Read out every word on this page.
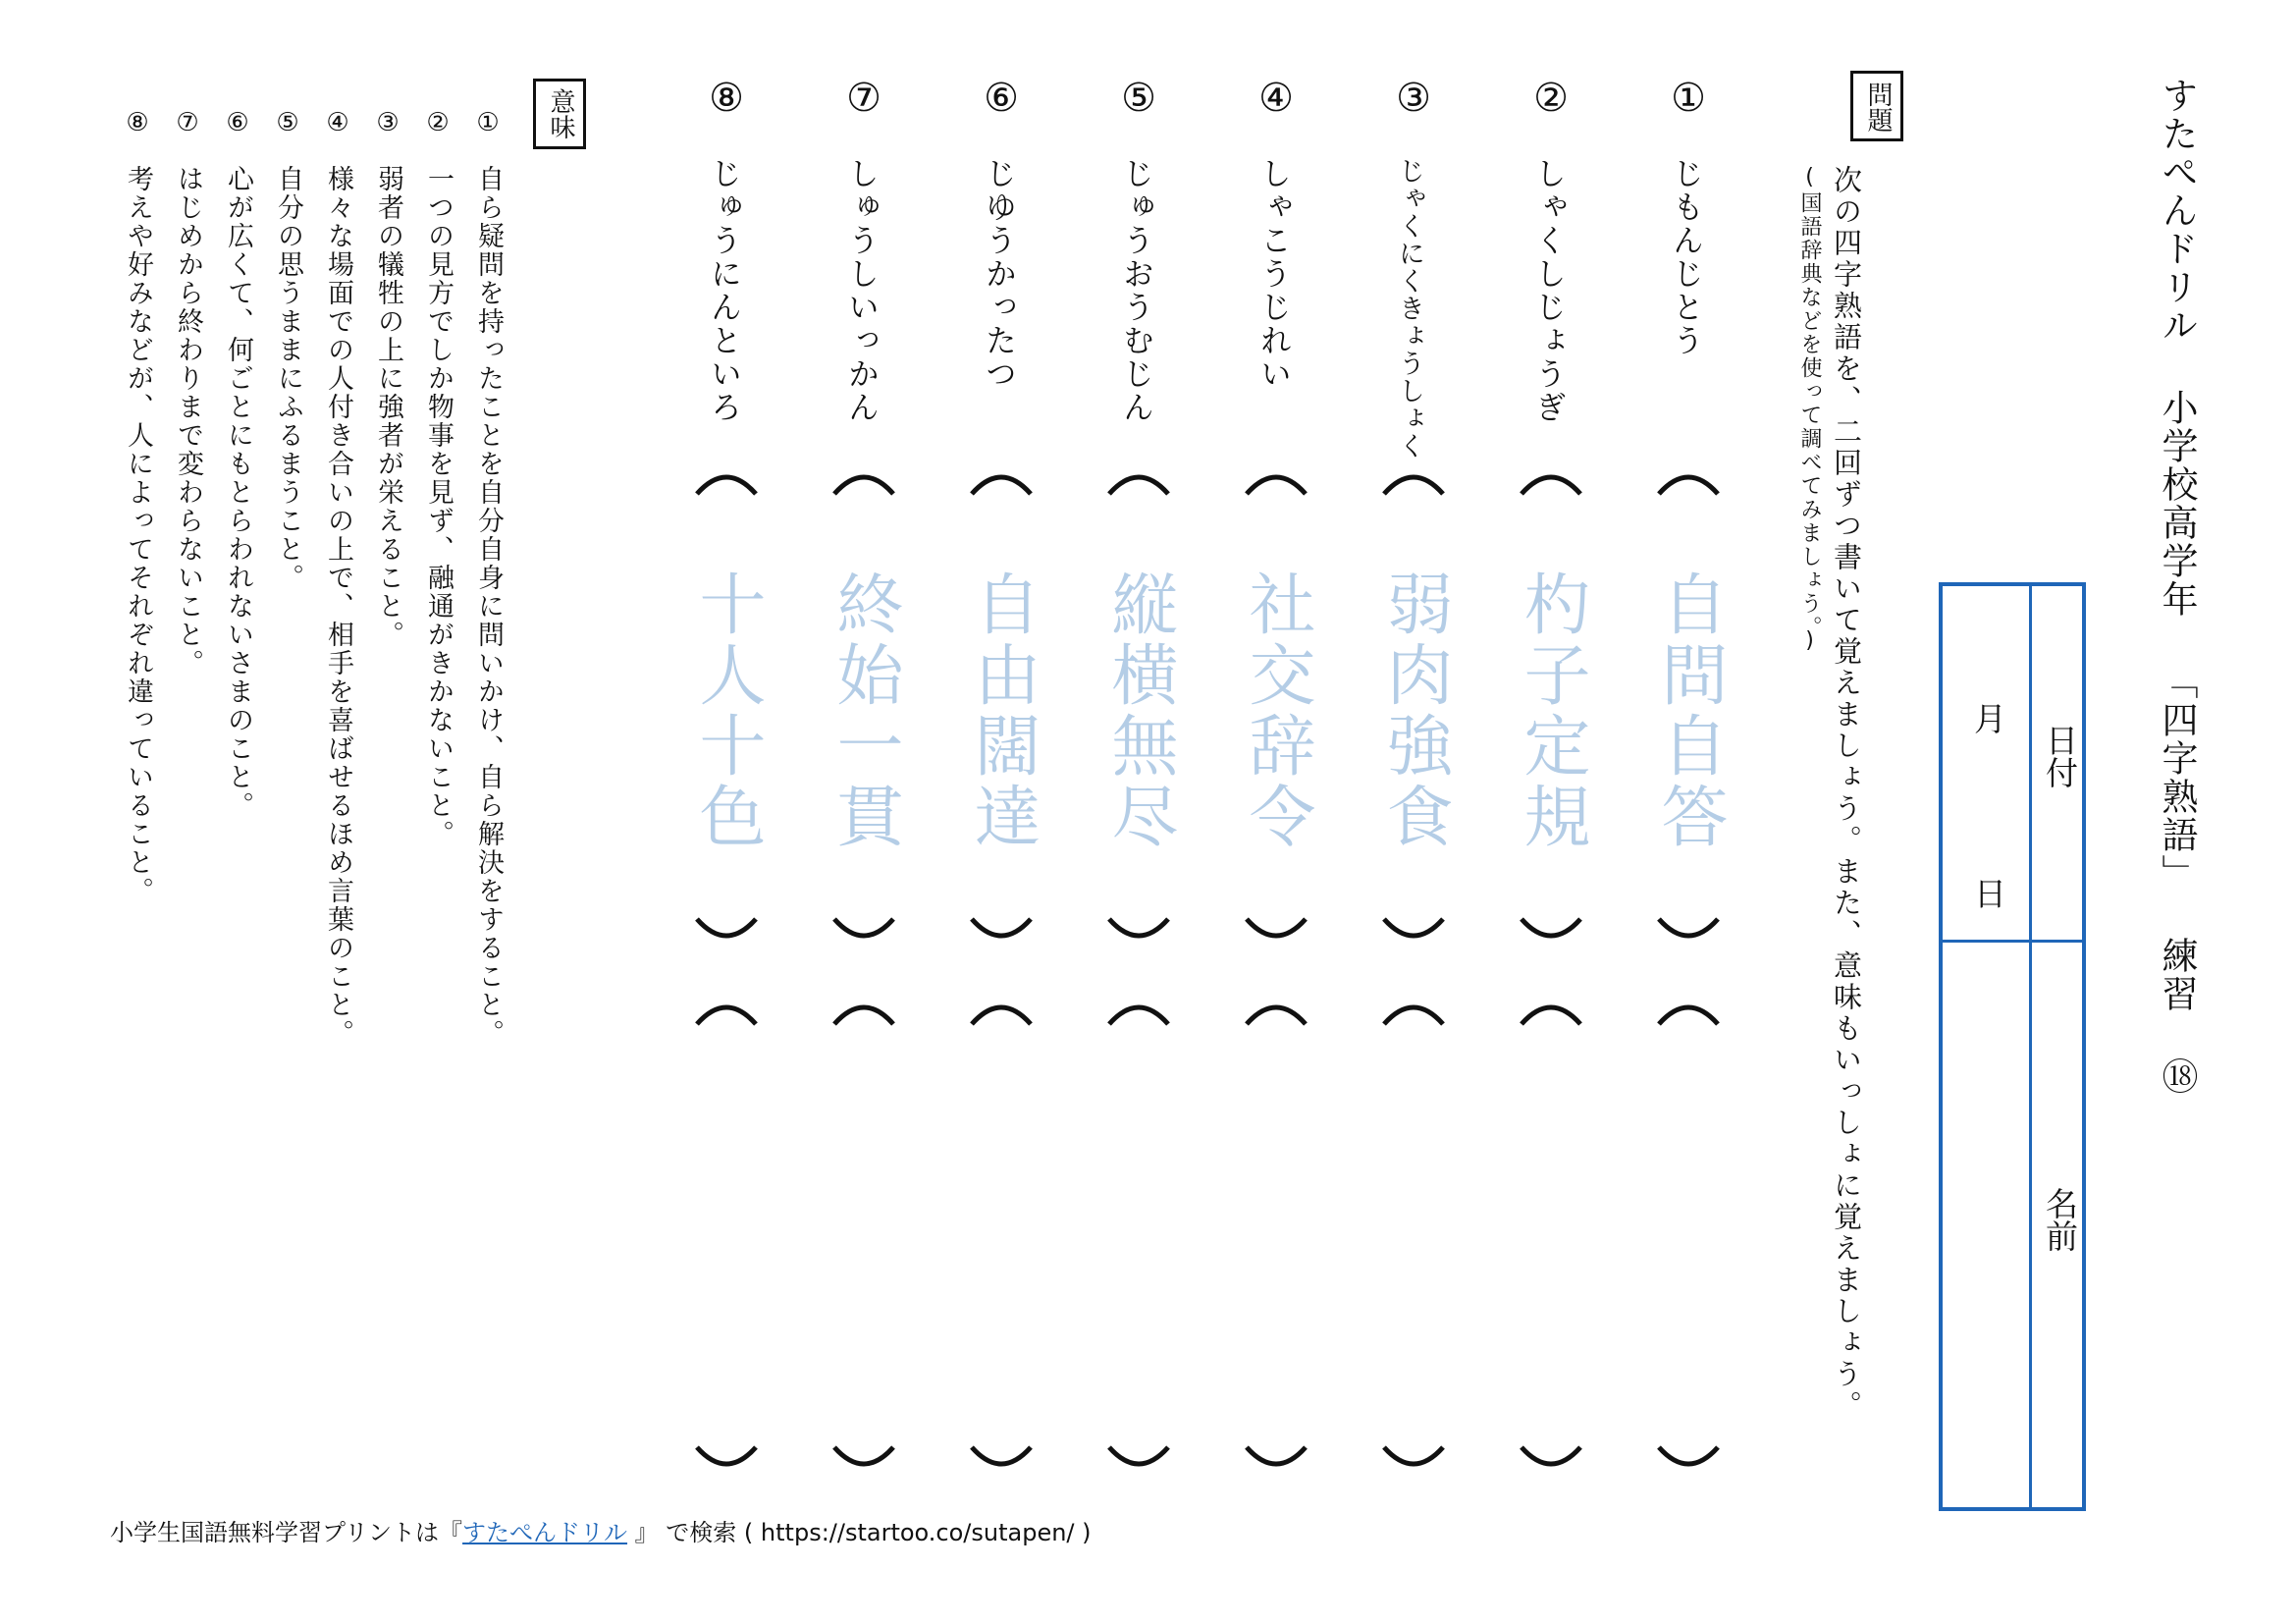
すたぺんドリル 小学校高学年 「四字熟語」 練習 ⑱
問題
次の四字熟語を、二回ずつ書いて覚えましょう。また、意味もいっしょに覚えましょう。
(国語辞典などを使って調べてみましょう。)
日付
月
日
名前
①
じもんじとう
自問自答
②
しゃくしじょうぎ
杓子定規
③
じゃくにくきょうしょく
弱肉強食
④
しゃこうじれい
社交辞令
⑤
じゅうおうむじん
縦横無尽
⑥
じゆうかったつ
自由闊達
⑦
しゅうしいっかん
終始一貫
⑧
じゅうにんといろ
十人十色
意味
①
自ら疑問を持ったことを自分自身に問いかけ、自ら解決をすること。
②
一つの見方でしか物事を見ず、融通がきかないこと。
③
弱者の犠牲の上に強者が栄えること。
④
様々な場面での人付き合いの上で、相手を喜ばせるほめ言葉のこと。
⑤
自分の思うままにふるまうこと。
⑥
心が広くて、何ごとにもとらわれないさまのこと。
⑦
はじめから終わりまで変わらないこと。
⑧
考えや好みなどが、人によってそれぞれ違っていること。
小学生国語無料学習プリントは『すたぺんドリル 』 で検索 ( https://startoo.co/sutapen/ )
